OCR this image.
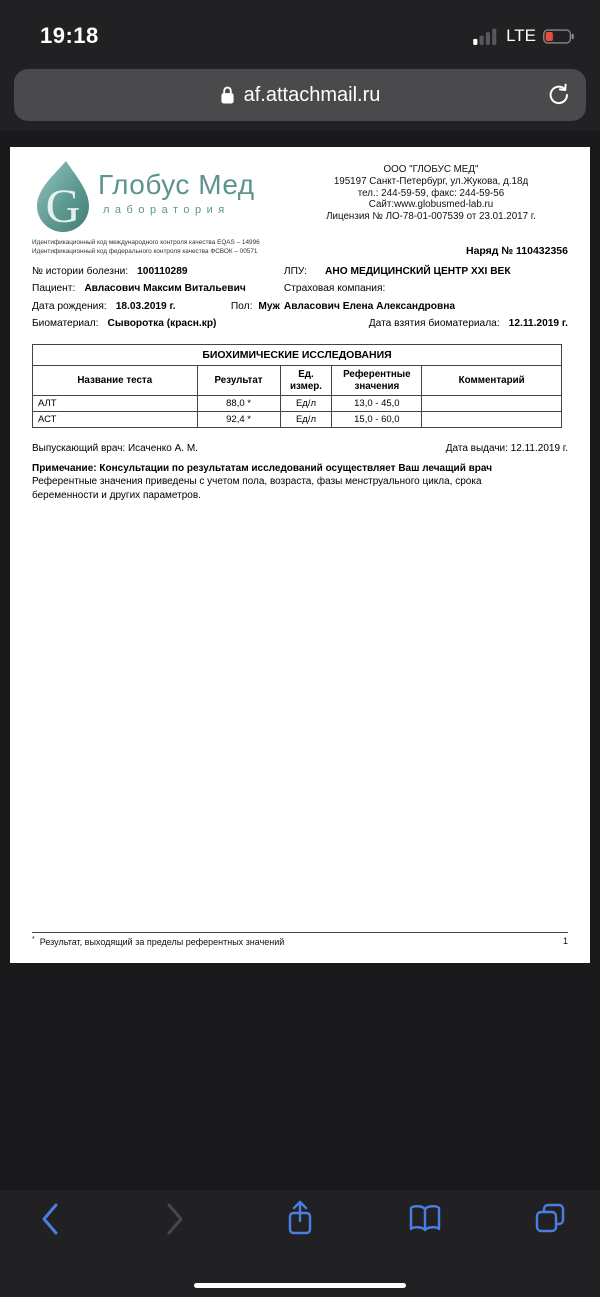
19:18	LTE
af.attachmail.ru
G Глобус Мед
лаборатория
ООО "ГЛОБУС МЕД"
195197 Санкт-Петербург, ул.Жукова, д.18д
тел.: 244-59-59, факс: 244-59-56
Сайт:www.globusmed-lab.ru
Лицензия № ЛО-78-01-007539 от 23.01.2017 г.
Идентификационный код международного контроля качества EQAS – 14996
Идентификационный код федерального контроля качества ФСВОК – 00571	Наряд № 110432356
№ истории болезни: 100110289
Пациент: Авласович Максим Витальевич
Дата рождения: 18.03.2019 г.	Пол: Муж
Биоматериал: Сыворотка (красн.кр)
ЛПУ: АНО МЕДИЦИНСКИЙ ЦЕНТР XXI ВЕК
Страховая компания:
Авласович Елена Александровна
Дата взятия биоматериала: 12.11.2019 г.
БИОХИМИЧЕСКИЕ ИССЛЕДОВАНИЯ				
Название теста	Результат	Ед. измер.	Референтные значения	Комментарий
АЛТ	88,0 *	Ед/л	13,0 - 45,0	
АСТ	92,4 *	Ед/л	15,0 - 60,0	
Выпускающий врач: Исаченко А. М.	Дата выдачи: 12.11.2019 г.
Примечание: Консультации по результатам исследований осуществляет Ваш лечащий врач
Референтные значения приведены с учетом пола, возраста, фазы менструального цикла, срока беременности и других параметров.
* Результат, выходящий за пределы референтных значений	1
